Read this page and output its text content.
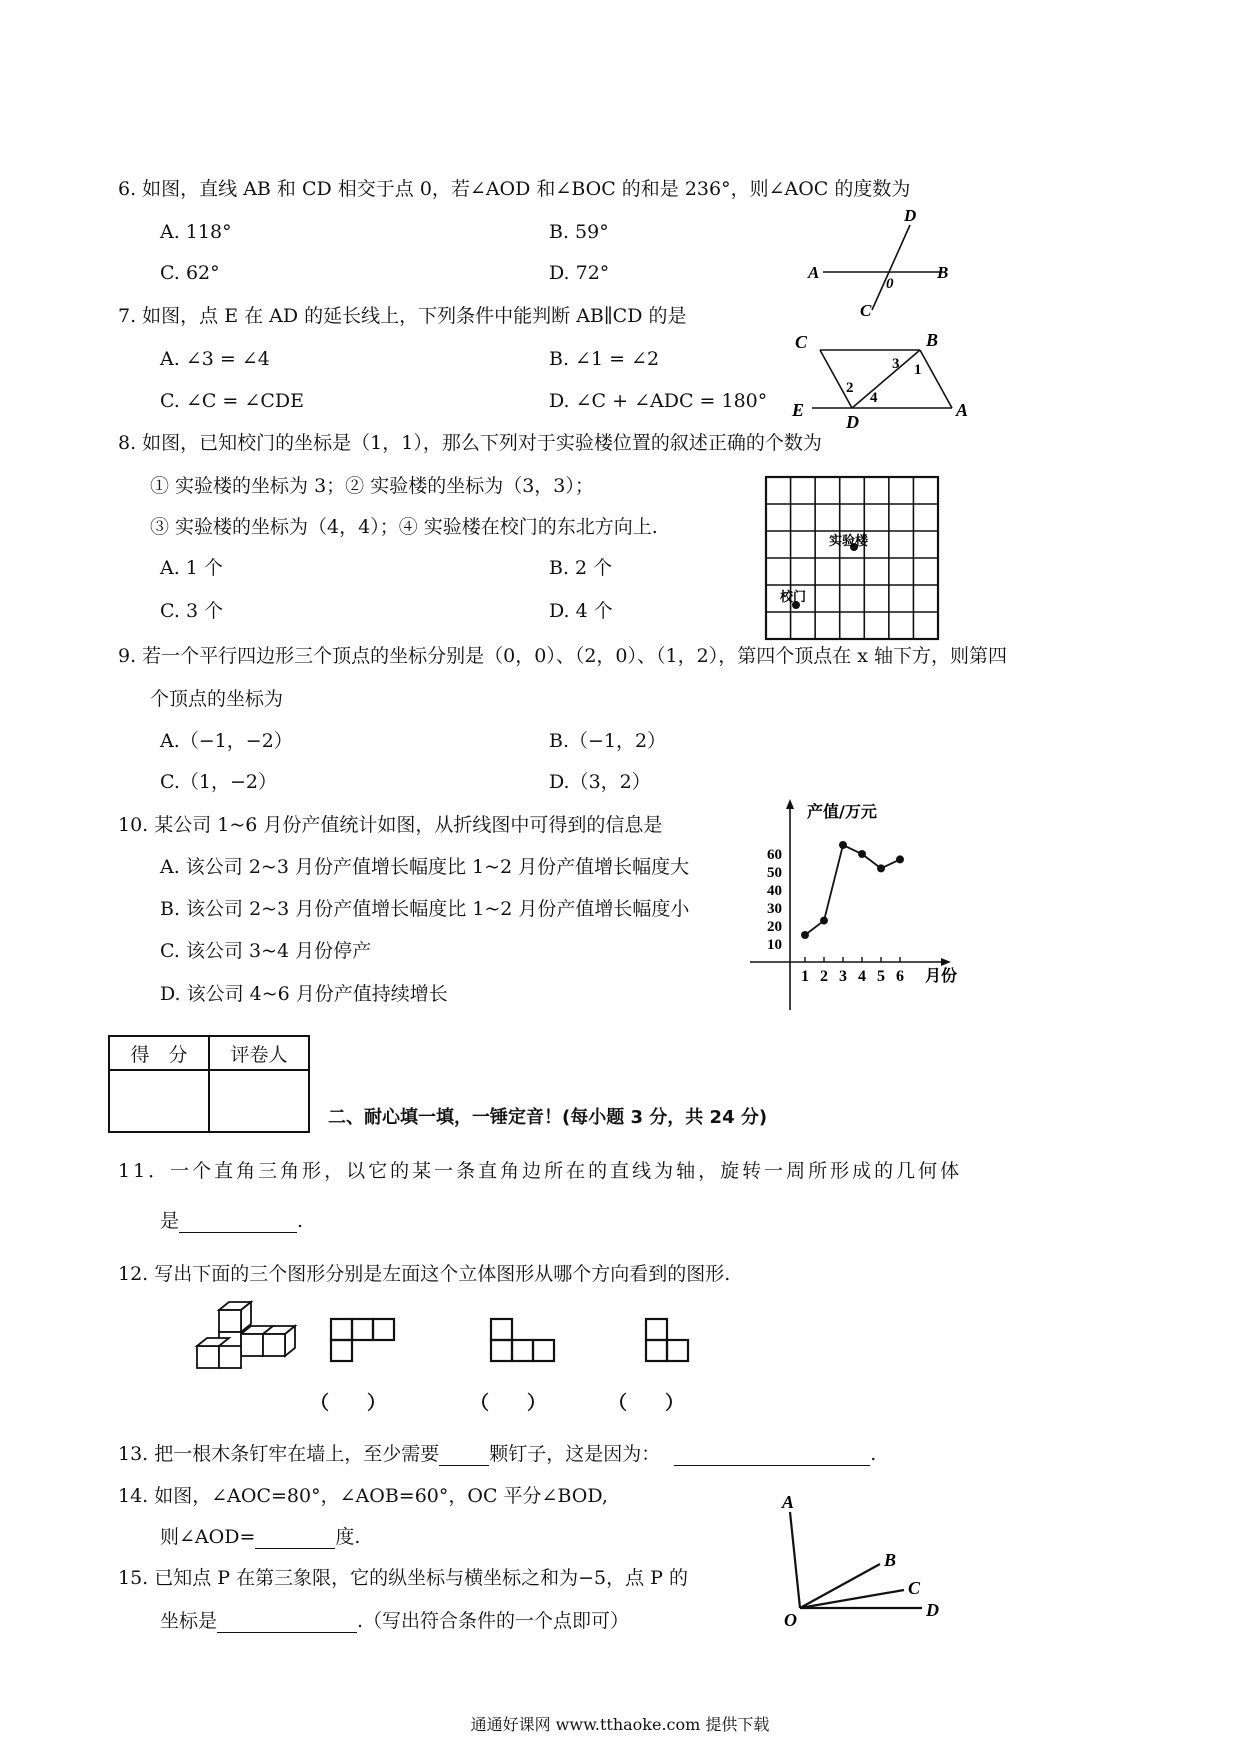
6. 如图，直线 AB 和 CD 相交于点 0，若∠AOD 和∠BOC 的和是 236°，则∠AOC 的度数为
A. 118°	B. 59°
C. 62°	D. 72°	A	B
C
D
0
7. 如图，点 E 在 AD 的延长线上，下列条件中能判断 AB∥CD 的是
A. ∠3 = ∠4	B. ∠1 = ∠2
C. ∠C = ∠CDE	D. ∠C + ∠ADC = 180°
C	B
E
D
A
1
2
3
4
8. 如图，已知校门的坐标是（1，1），那么下列对于实验楼位置的叙述正确的个数为
① 实验楼的坐标为 3；② 实验楼的坐标为（3，3）；
③ 实验楼的坐标为（4，4）；④ 实验楼在校门的东北方向上.
A. 1 个	B. 2 个
C. 3 个	D. 4 个
实验楼
校门
9. 若一个平行四边形三个顶点的坐标分别是（0，0）、（2，0）、（1，2），第四个顶点在 x 轴下方，则第四
个顶点的坐标为
A.（−1，−2）	B.（−1，2）
C.（1，−2）	D.（3，2）
10. 某公司 1~6 月份产值统计如图，从折线图中可得到的信息是
A. 该公司 2~3 月份产值增长幅度比 1~2 月份产值增长幅度大
B. 该公司 2~3 月份产值增长幅度比 1~2 月份产值增长幅度小
C. 该公司 3~4 月份停产
D. 该公司 4~6 月份产值持续增长
产值/万元
月份
10
20
30
40
50
60
1 2 3 4 5 6
得　分	评卷人

二、耐心填一填，一锤定音！(每小题 3 分，共 24 分)
11．一个直角三角形，以它的某一条直角边所在的直线为轴，旋转一周所形成的几何体
是	.
12. 写出下面的三个图形分别是左面这个立体图形从哪个方向看到的图形.
（　　）	（　　）	（　　）
13. 把一根木条钉牢在墙上，至少需要	颗钉子，这是因为：	.
14. 如图，∠AOC=80°，∠AOB=60°，OC 平分∠BOD,
则∠AOD=	度.
A
B
C
O	D
15. 已知点 P 在第三象限，它的纵坐标与横坐标之和为−5，点 P 的
坐标是	.（写出符合条件的一个点即可）
通通好课网 www.tthaoke.com 提供下载
